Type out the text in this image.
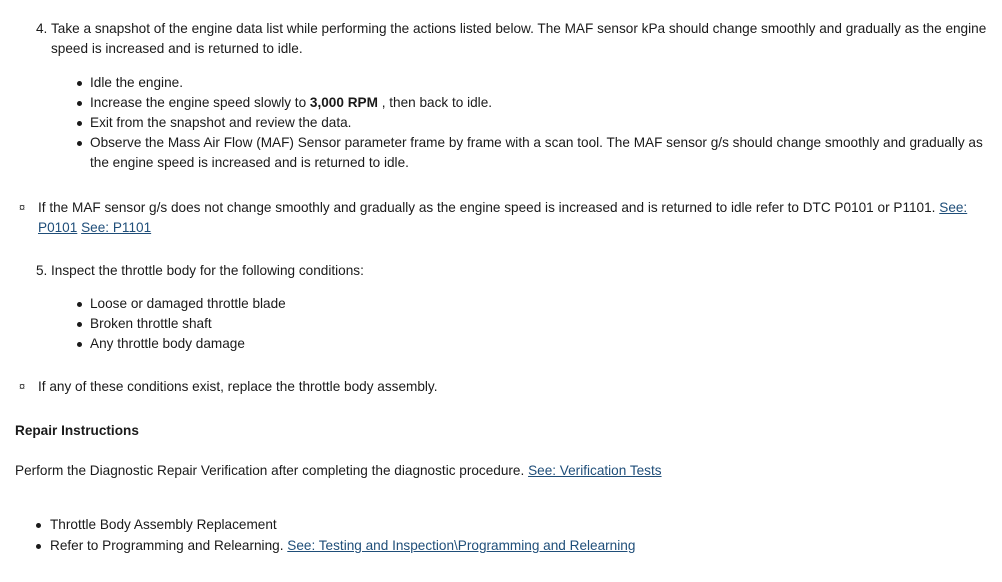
4. Take a snapshot of the engine data list while performing the actions listed below. The MAF sensor kPa should change smoothly and gradually as the engine
speed is increased and is returned to idle.
Idle the engine.
Increase the engine speed slowly to 3,000 RPM , then back to idle.
Exit from the snapshot and review the data.
Observe the Mass Air Flow (MAF) Sensor parameter frame by frame with a scan tool. The MAF sensor g/s should change smoothly and gradually as
the engine speed is increased and is returned to idle.
¤ If the MAF sensor g/s does not change smoothly and gradually as the engine speed is increased and is returned to idle refer to DTC P0101 or P1101. See:
P0101 See: P1101
5. Inspect the throttle body for the following conditions:
Loose or damaged throttle blade
Broken throttle shaft
Any throttle body damage
¤ If any of these conditions exist, replace the throttle body assembly.
Repair Instructions
Perform the Diagnostic Repair Verification after completing the diagnostic procedure. See: Verification Tests
Throttle Body Assembly Replacement
Refer to Programming and Relearning. See: Testing and Inspection\Programming and Relearning
